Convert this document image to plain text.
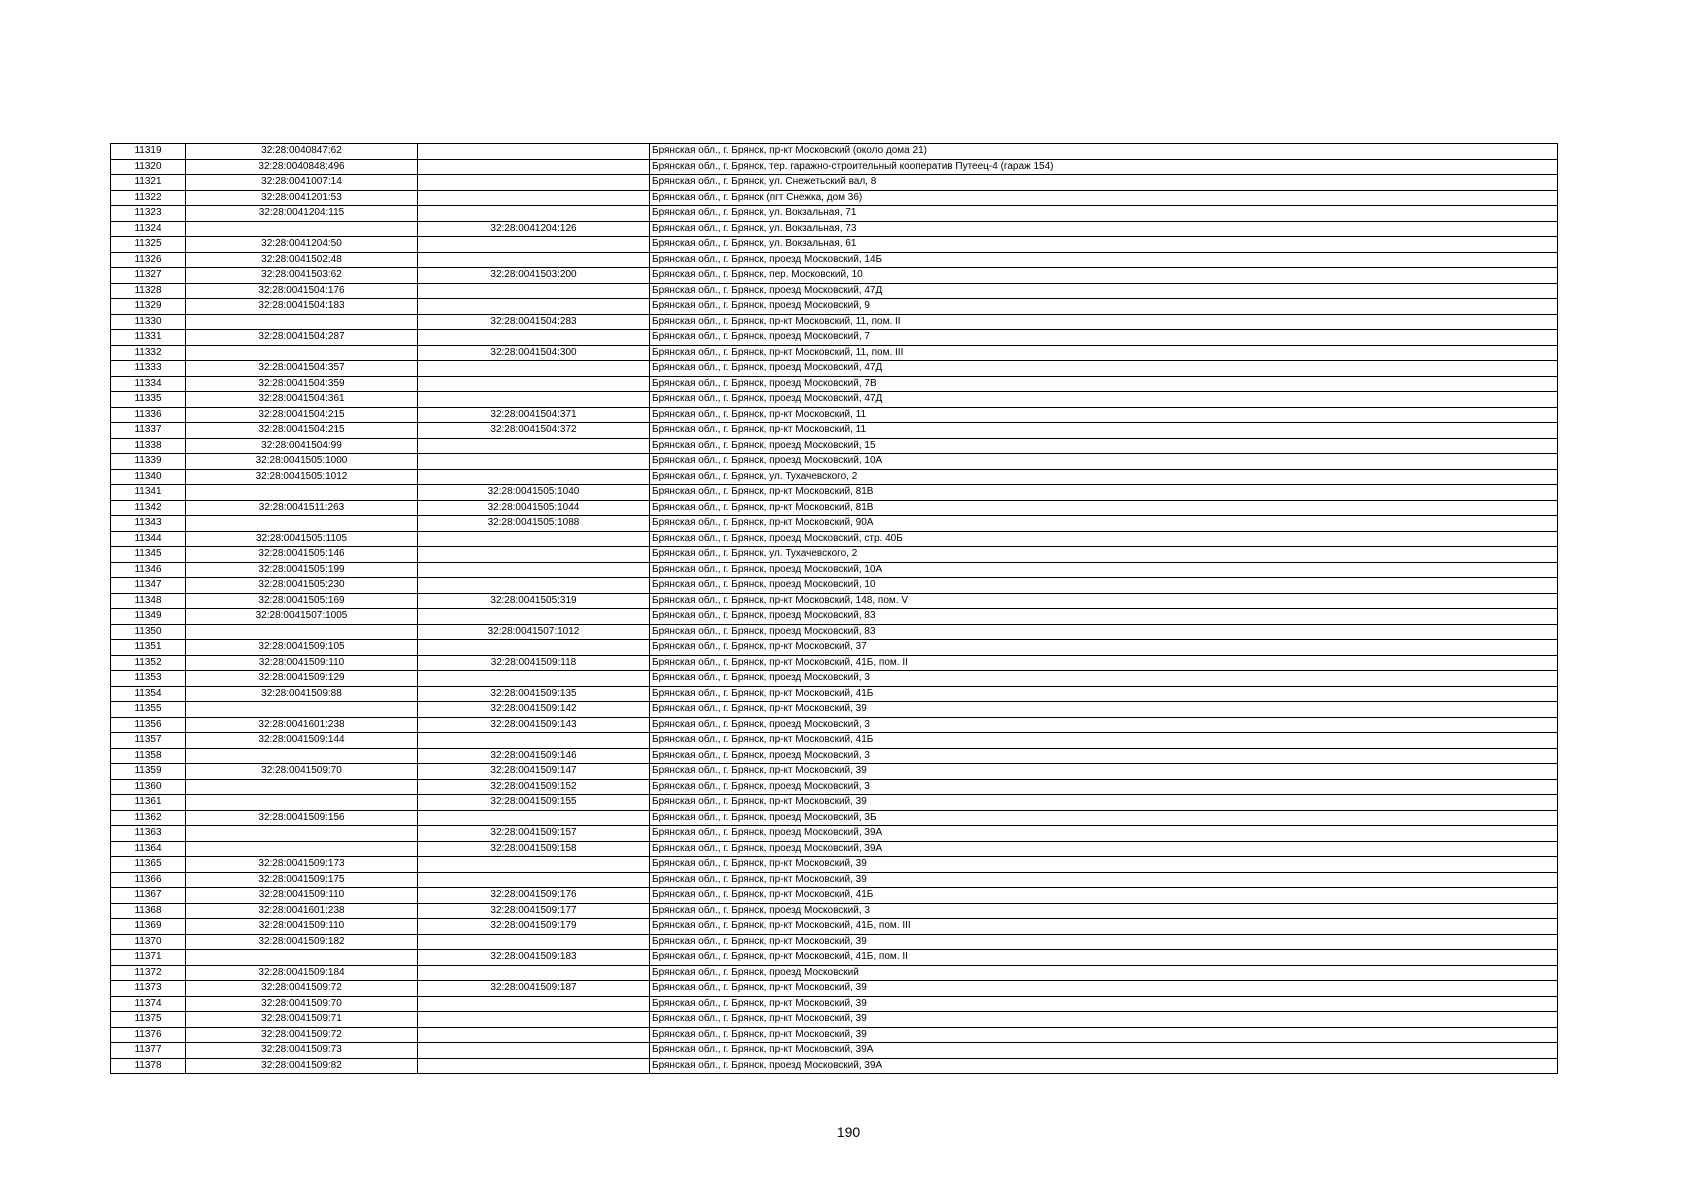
11319	32:28:0040847:62		Брянская обл., г. Брянск, пр-кт Московский (около дома 21)
11320	32:28:0040848:496		Брянская обл., г. Брянск, тер. гаражно-строительный кооператив Путеец-4 (гараж 154)
11321	32:28:0041007:14		Брянская обл., г. Брянск, ул. Снежетьский вал, 8
11322	32:28:0041201:53		Брянская обл., г. Брянск (пгт Снежка, дом 36)
11323	32:28:0041204:115		Брянская обл., г. Брянск, ул. Вокзальная, 71
11324		32:28:0041204:126	Брянская обл., г. Брянск, ул. Вокзальная, 73
11325	32:28:0041204:50		Брянская обл., г. Брянск, ул. Вокзальная, 61
11326	32:28:0041502:48		Брянская обл., г. Брянск, проезд Московский, 14Б
11327	32:28:0041503:62	32:28:0041503:200	Брянская обл., г. Брянск, пер. Московский, 10
11328	32:28:0041504:176		Брянская обл., г. Брянск, проезд Московский, 47Д
11329	32:28:0041504:183		Брянская обл., г. Брянск, проезд Московский, 9
11330		32:28:0041504:283	Брянская обл., г. Брянск, пр-кт Московский, 11, пом. II
11331	32:28:0041504:287		Брянская обл., г. Брянск, проезд Московский, 7
11332		32:28:0041504:300	Брянская обл., г. Брянск, пр-кт Московский, 11, пом. III
11333	32:28:0041504:357		Брянская обл., г. Брянск, проезд Московский, 47Д
11334	32:28:0041504:359		Брянская обл., г. Брянск, проезд Московский, 7В
11335	32:28:0041504:361		Брянская обл., г. Брянск, проезд Московский, 47Д
11336	32:28:0041504:215	32:28:0041504:371	Брянская обл., г. Брянск, пр-кт Московский, 11
11337	32:28:0041504:215	32:28:0041504:372	Брянская обл., г. Брянск, пр-кт Московский, 11
11338	32:28:0041504:99		Брянская обл., г. Брянск, проезд Московский, 15
11339	32:28:0041505:1000		Брянская обл., г. Брянск, проезд Московский, 10А
11340	32:28:0041505:1012		Брянская обл., г. Брянск, ул. Тухачевского, 2
11341		32:28:0041505:1040	Брянская обл., г. Брянск, пр-кт Московский, 81В
11342	32:28:0041511:263	32:28:0041505:1044	Брянская обл., г. Брянск, пр-кт Московский, 81В
11343		32:28:0041505:1088	Брянская обл., г. Брянск, пр-кт Московский, 90А
11344	32:28:0041505:1105		Брянская обл., г. Брянск, проезд Московский, стр. 40Б
11345	32:28:0041505:146		Брянская обл., г. Брянск, ул. Тухачевского, 2
11346	32:28:0041505:199		Брянская обл., г. Брянск, проезд Московский, 10А
11347	32:28:0041505:230		Брянская обл., г. Брянск, проезд Московский, 10
11348	32:28:0041505:169	32:28:0041505:319	Брянская обл., г. Брянск, пр-кт Московский, 148, пом. V
11349	32:28:0041507:1005		Брянская обл., г. Брянск, проезд Московский, 83
11350		32:28:0041507:1012	Брянская обл., г. Брянск, проезд Московский, 83
11351	32:28:0041509:105		Брянская обл., г. Брянск, пр-кт Московский, 37
11352	32:28:0041509:110	32:28:0041509:118	Брянская обл., г. Брянск, пр-кт Московский, 41Б, пом. II
11353	32:28:0041509:129		Брянская обл., г. Брянск, проезд Московский, 3
11354	32:28:0041509:88	32:28:0041509:135	Брянская обл., г. Брянск, пр-кт Московский, 41Б
11355		32:28:0041509:142	Брянская обл., г. Брянск, пр-кт Московский, 39
11356	32:28:0041601:238	32:28:0041509:143	Брянская обл., г. Брянск, проезд Московский, 3
11357	32:28:0041509:144		Брянская обл., г. Брянск, пр-кт Московский, 41Б
11358		32:28:0041509:146	Брянская обл., г. Брянск, проезд Московский, 3
11359	32:28:0041509:70	32:28:0041509:147	Брянская обл., г. Брянск, пр-кт Московский, 39
11360		32:28:0041509:152	Брянская обл., г. Брянск, проезд Московский, 3
11361		32:28:0041509:155	Брянская обл., г. Брянск, пр-кт Московский, 39
11362	32:28:0041509:156		Брянская обл., г. Брянск, проезд Московский, 3Б
11363		32:28:0041509:157	Брянская обл., г. Брянск, проезд Московский, 39А
11364		32:28:0041509:158	Брянская обл., г. Брянск, проезд Московский, 39А
11365	32:28:0041509:173		Брянская обл., г. Брянск, пр-кт Московский, 39
11366	32:28:0041509:175		Брянская обл., г. Брянск, пр-кт Московский, 39
11367	32:28:0041509:110	32:28:0041509:176	Брянская обл., г. Брянск, пр-кт Московский, 41Б
11368	32:28:0041601:238	32:28:0041509:177	Брянская обл., г. Брянск, проезд Московский, 3
11369	32:28:0041509:110	32:28:0041509:179	Брянская обл., г. Брянск, пр-кт Московский, 41Б, пом. III
11370	32:28:0041509:182		Брянская обл., г. Брянск, пр-кт Московский, 39
11371		32:28:0041509:183	Брянская обл., г. Брянск, пр-кт Московский, 41Б, пом. II
11372	32:28:0041509:184		Брянская обл., г. Брянск, проезд Московский
11373	32:28:0041509:72	32:28:0041509:187	Брянская обл., г. Брянск, пр-кт Московский, 39
11374	32:28:0041509:70		Брянская обл., г. Брянск, пр-кт Московский, 39
11375	32:28:0041509:71		Брянская обл., г. Брянск, пр-кт Московский, 39
11376	32:28:0041509:72		Брянская обл., г. Брянск, пр-кт Московский, 39
11377	32:28:0041509:73		Брянская обл., г. Брянск, пр-кт Московский, 39А
11378	32:28:0041509:82		Брянская обл., г. Брянск, проезд Московский, 39А
190
